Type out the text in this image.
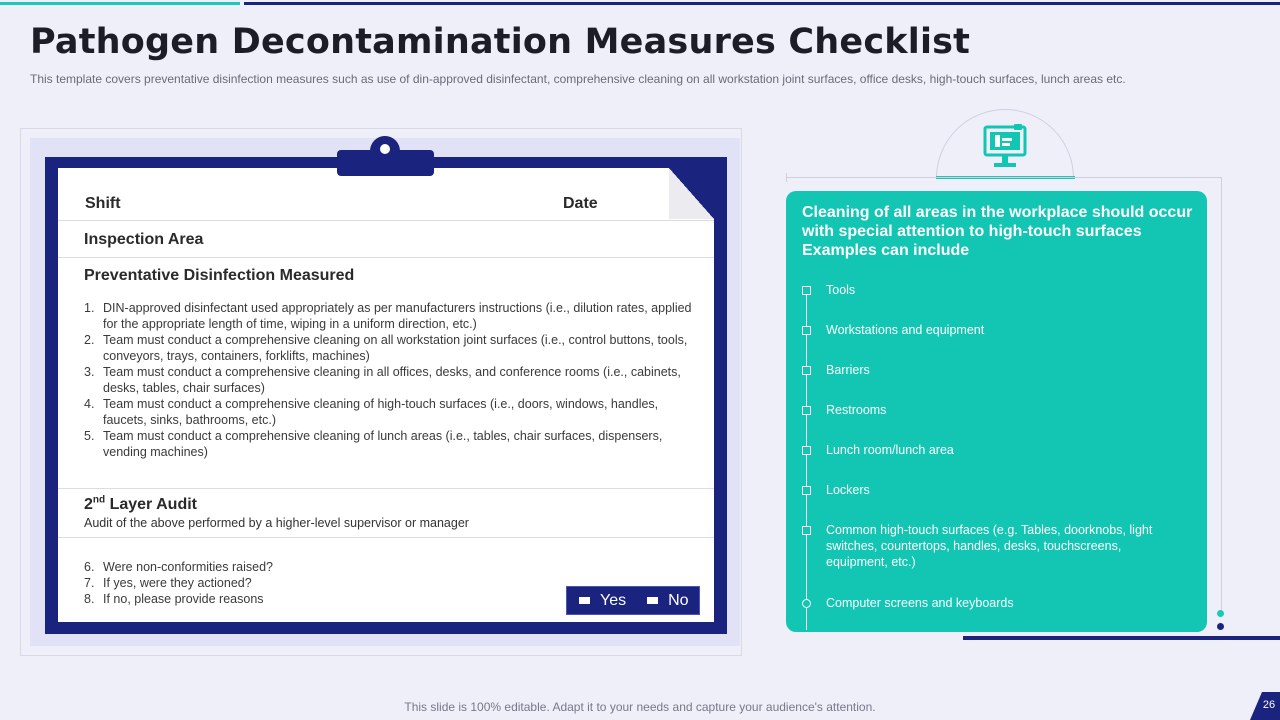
Pathogen Decontamination Measures Checklist

This template covers preventative disinfection measures such as use of din-approved disinfectant, comprehensive cleaning on all workstation joint surfaces, office desks, high-touch surfaces, lunch areas etc.

Shift	Date
Inspection Area
Preventative Disinfection Measured
1. DIN-approved disinfectant used appropriately as per manufacturers instructions (i.e., dilution rates, applied for the appropriate length of time, wiping in a uniform direction, etc.)
2. Team must conduct a comprehensive cleaning on all workstation joint surfaces (i.e., control buttons, tools, conveyors, trays, containers, forklifts, machines)
3. Team must conduct a comprehensive cleaning in all offices, desks, and conference rooms (i.e., cabinets, desks, tables, chair surfaces)
4. Team must conduct a comprehensive cleaning of high-touch surfaces (i.e., doors, windows, handles, faucets, sinks, bathrooms, etc.)
5. Team must conduct a comprehensive cleaning of lunch areas (i.e., tables, chair surfaces, dispensers, vending machines)
2nd Layer Audit
Audit of the above performed by a higher-level supervisor or manager
6. Were non-conformities raised?
7. If yes, were they actioned?
8. If no, please provide reasons	Yes	No
Cleaning of all areas in the workplace should occur with special attention to high-touch surfaces Examples can include
Tools
Workstations and equipment
Barriers
Restrooms
Lunch room/lunch area
Lockers
Common high-touch surfaces (e.g. Tables, doorknobs, light switches, countertops, handles, desks, touchscreens, equipment, etc.)
Computer screens and keyboards
This slide is 100% editable. Adapt it to your needs and capture your audience's attention.	26
